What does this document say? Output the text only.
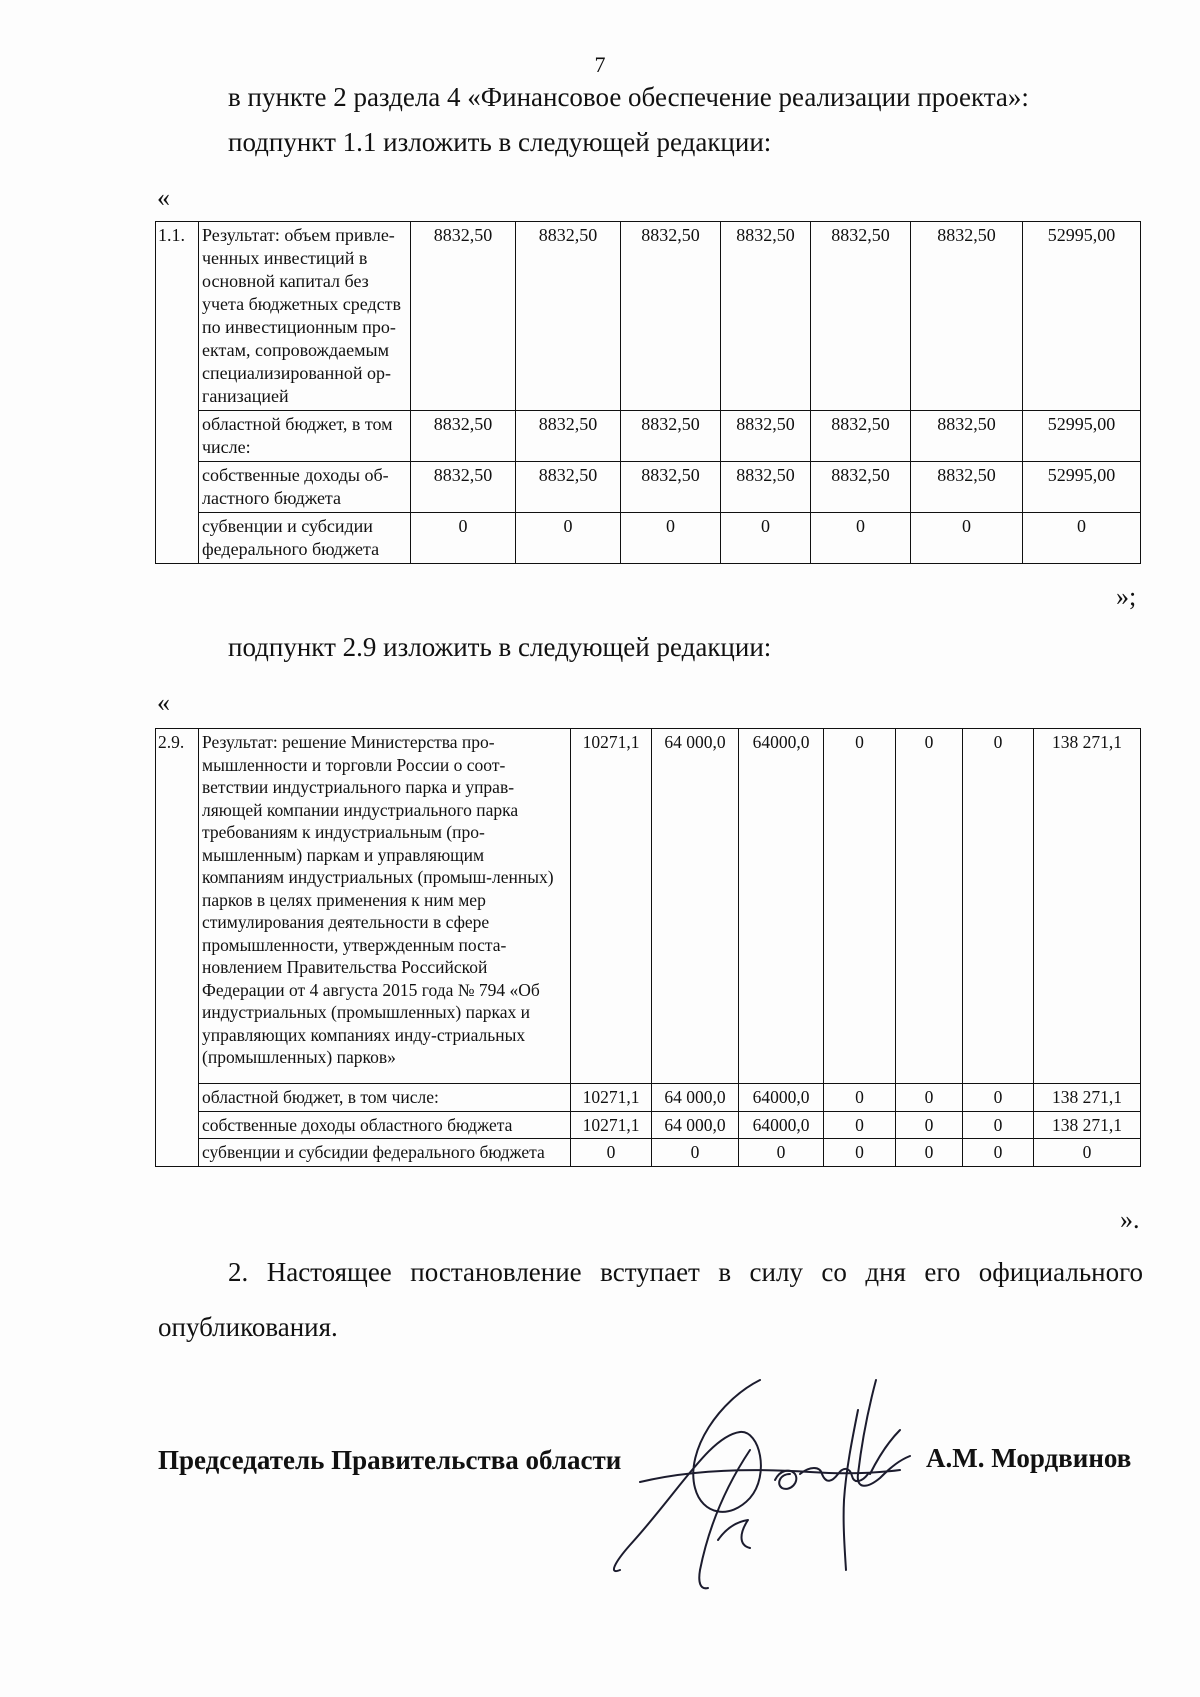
7
в пункте 2 раздела 4 «Финансовое обеспечение реализации проекта»:
подпункт 1.1 изложить в следующей редакции:
«
1.1.	Результат: объем привле-ченных инвестиций в основной капитал без учета бюджетных средств по инвестиционным про-ектам, сопровождаемым специализированной ор-ганизацией	8832,50	8832,50	8832,50	8832,50	8832,50	8832,50	52995,00
	областной бюджет, в том числе:	8832,50	8832,50	8832,50	8832,50	8832,50	8832,50	52995,00
	собственные доходы об-ластного бюджета	8832,50	8832,50	8832,50	8832,50	8832,50	8832,50	52995,00
	субвенции и субсидии федерального бюджета	0	0	0	0	0	0	0
»;
подпункт 2.9 изложить в следующей редакции:
«
2.9.	Результат: решение Министерства про-мышленности и торговли России о соот-ветствии индустриального парка и управ-ляющей компании индустриального парка требованиям к индустриальным (про-мышленным) паркам и управляющим компаниям индустриальных (промыш-ленных) парков в целях применения к ним мер стимулирования деятельности в сфере промышленности, утвержденным поста-новлением Правительства Российской Федерации от 4 августа 2015 года № 794 «Об индустриальных (промышленных) парках и управляющих компаниях инду-стриальных (промышленных) парков»	10271,1	64 000,0	64000,0	0	0	0	138 271,1
	областной бюджет, в том числе:	10271,1	64 000,0	64000,0	0	0	0	138 271,1
	собственные доходы областного бюджета	10271,1	64 000,0	64000,0	0	0	0	138 271,1
	субвенции и субсидии федерального бюджета	0	0	0	0	0	0	0
».
2. Настоящее постановление вступает в силу со дня его официального опубликования.
Председатель Правительства области	А.М. Мордвинов
